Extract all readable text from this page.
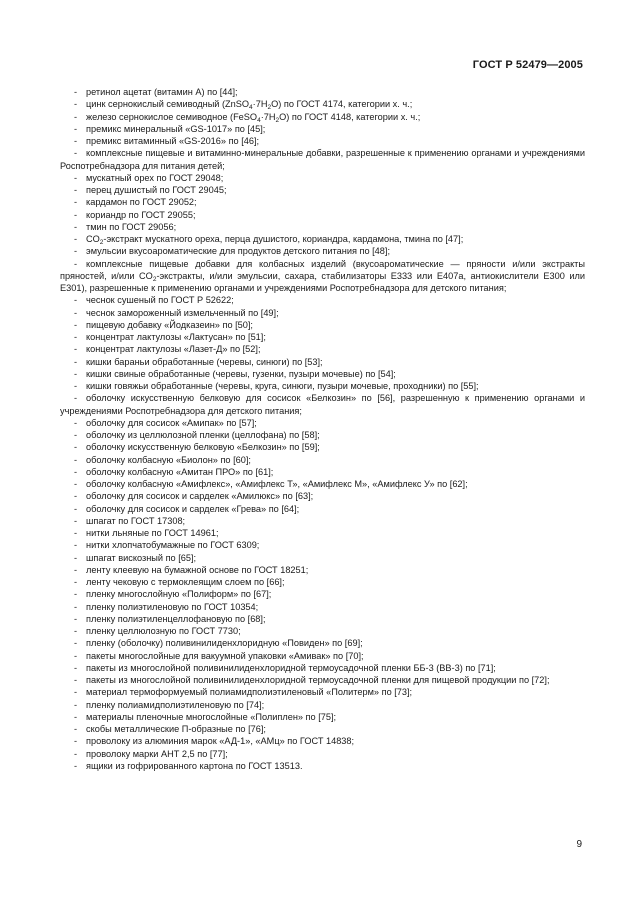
ГОСТ Р 52479—2005
- ретинол ацетат (витамин А) по [44];
- цинк сернокислый семиводный $(ZnSO_4\cdot 7H_2O)$ по ГОСТ 4174, категории х. ч.;
- железо сернокислое семиводное $(FeSO_4\cdot 7H_2O)$ по ГОСТ 4148, категории х. ч.;
- премикс минеральный «GS-1017» по [45];
- премикс витаминный «GS-2016» по [46];
- комплексные пищевые и витаминно-минеральные добавки, разрешенные к применению органами и учреждениями Роспотребнадзора для питания детей;
- мускатный орех по ГОСТ 29048;
- перец душистый по ГОСТ 29045;
- кардамон по ГОСТ 29052;
- кориандр по ГОСТ 29055;
- тмин по ГОСТ 29056;
- $CO_2$-экстракт мускатного ореха, перца душистого, кориандра, кардамона, тмина по [47];
- эмульсии вкусоароматические для продуктов детского питания по [48];
- комплексные пищевые добавки для колбасных изделий (вкусоароматические — пряности и/или экстракты пряностей, и/или $CO_2$-экстракты, и/или эмульсии, сахара, стабилизаторы Е333 или Е407а, антиокислители Е300 или Е301), разрешенные к применению органами и учреждениями Роспотребнадзора для детского питания;
- чеснок сушеный по ГОСТ Р 52622;
- чеснок замороженный измельченный по [49];
- пищевую добавку «Йодказеин» по [50];
- концентрат лактулозы «Лактусан» по [51];
- концентрат лактулозы «Лазет-Д» по [52];
- кишки бараньи обработанные (черевы, синюги) по [53];
- кишки свиные обработанные (черевы, гузенки, пузыри мочевые) по [54];
- кишки говяжьи обработанные (черевы, круга, синюги, пузыри мочевые, проходники) по [55];
- оболочку искусственную белковую для сосисок «Белкозин» по [56], разрешенную к применению органами и учреждениями Роспотребнадзора для детского питания;
- оболочку для сосисок «Амипак» по [57];
- оболочку из целлюлозной пленки (целлофана) по [58];
- оболочку искусственную белковую «Белкозин» по [59];
- оболочку колбасную «Биолон» по [60];
- оболочку колбасную «Амитан ПРО» по [61];
- оболочку колбасную «Амифлекс», «Амифлекс Т», «Амифлекс М», «Амифлекс У» по [62];
- оболочку для сосисок и сарделек «Амилюкс» по [63];
- оболочку для сосисок и сарделек «Грева» по [64];
- шпагат по ГОСТ 17308;
- нитки льняные по ГОСТ 14961;
- нитки хлопчатобумажные по ГОСТ 6309;
- шпагат вискозный по [65];
- ленту клеевую на бумажной основе по ГОСТ 18251;
- ленту чековую с термоклеящим слоем по [66];
- пленку многослойную «Полиформ» по [67];
- пленку полиэтиленовую по ГОСТ 10354;
- пленку полиэтиленцеллофановую по [68];
- пленку целлюлозную по ГОСТ 7730;
- пленку (оболочку) поливинилиденхлоридную «Повиден» по [69];
- пакеты многослойные для вакуумной упаковки «Амивак» по [70];
- пакеты из многослойной поливинилиденхлоридной термоусадочной пленки ББ-3 (ВВ-3) по [71];
- пакеты из многослойной поливинилиденхлоридной термоусадочной пленки для пищевой продукции по [72];
- материал термоформуемый полиамидполиэтиленовый «Политерм» по [73];
- пленку полиамидполиэтиленовую по [74];
- материалы пленочные многослойные «Полиплен» по [75];
- скобы металлические П-образные по [76];
- проволоку из алюминия марок «АД-1», «АМц» по ГОСТ 14838;
- проволоку марки АНТ 2,5 по [77];
- ящики из гофрированного картона по ГОСТ 13513.
9
